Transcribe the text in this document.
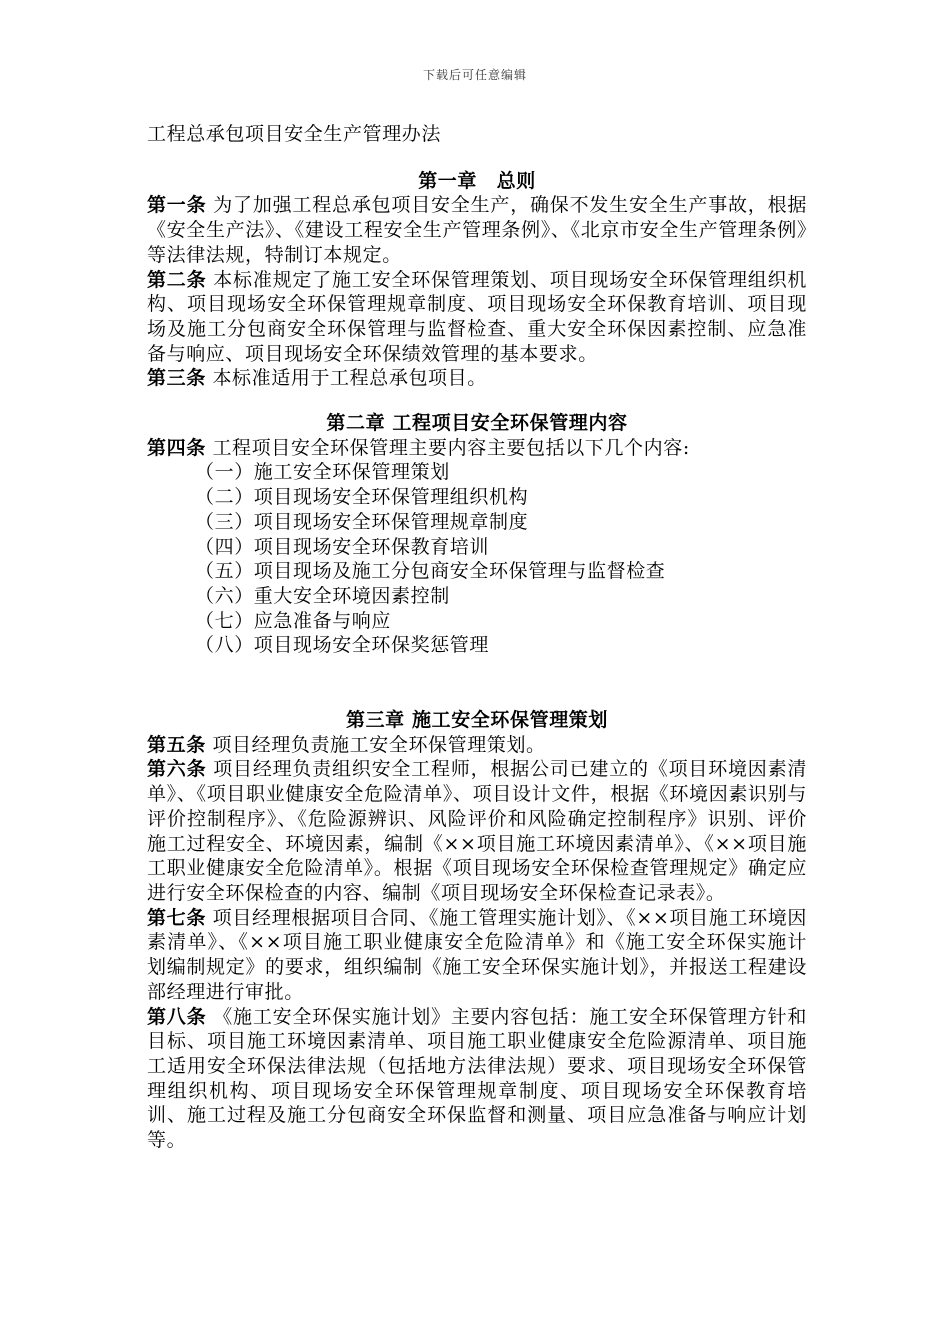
下载后可任意编辑

工程总承包项目安全生产管理办法

第一章　总则

第一条 为了加强工程总承包项目安全生产，确保不发生安全生产事故，根据《安全生产法》、《建设工程安全生产管理条例》、《北京市安全生产管理条例》等法律法规，特制订本规定。

第二条 本标准规定了施工安全环保管理策划、项目现场安全环保管理组织机构、项目现场安全环保管理规章制度、项目现场安全环保教育培训、项目现场及施工分包商安全环保管理与监督检查、重大安全环保因素控制、应急准备与响应、项目现场安全环保绩效管理的基本要求。

第三条 本标准适用于工程总承包项目。

第二章 工程项目安全环保管理内容

第四条 工程项目安全环保管理主要内容主要包括以下几个内容:

（一）施工安全环保管理策划
（二）项目现场安全环保管理组织机构
（三）项目现场安全环保管理规章制度
（四）项目现场安全环保教育培训
（五）项目现场及施工分包商安全环保管理与监督检查
（六）重大安全环境因素控制
（七）应急准备与响应
（八）项目现场安全环保奖惩管理
第三章 施工安全环保管理策划

第五条 项目经理负责施工安全环保管理策划。

第六条 项目经理负责组织安全工程师，根据公司已建立的《项目环境因素清单》、《项目职业健康安全危险清单》、项目设计文件，根据《环境因素识别与评价控制程序》、《危险源辨识、风险评价和风险确定控制程序》识别、评价施工过程安全、环境因素，编制《××项目施工环境因素清单》、《××项目施工职业健康安全危险清单》。根据《项目现场安全环保检查管理规定》确定应进行安全环保检查的内容、编制《项目现场安全环保检查记录表》。

第七条 项目经理根据项目合同、《施工管理实施计划》、《××项目施工环境因素清单》、《××项目施工职业健康安全危险清单》和《施工安全环保实施计划编制规定》的要求，组织编制《施工安全环保实施计划》，并报送工程建设部经理进行审批。

第八条 《施工安全环保实施计划》主要内容包括：施工安全环保管理方针和目标、项目施工环境因素清单、项目施工职业健康安全危险源清单、项目施工适用安全环保法律法规（包括地方法律法规）要求、项目现场安全环保管理组织机构、项目现场安全环保管理规章制度、项目现场安全环保教育培训、施工过程及施工分包商安全环保监督和测量、项目应急准备与响应计划等。
